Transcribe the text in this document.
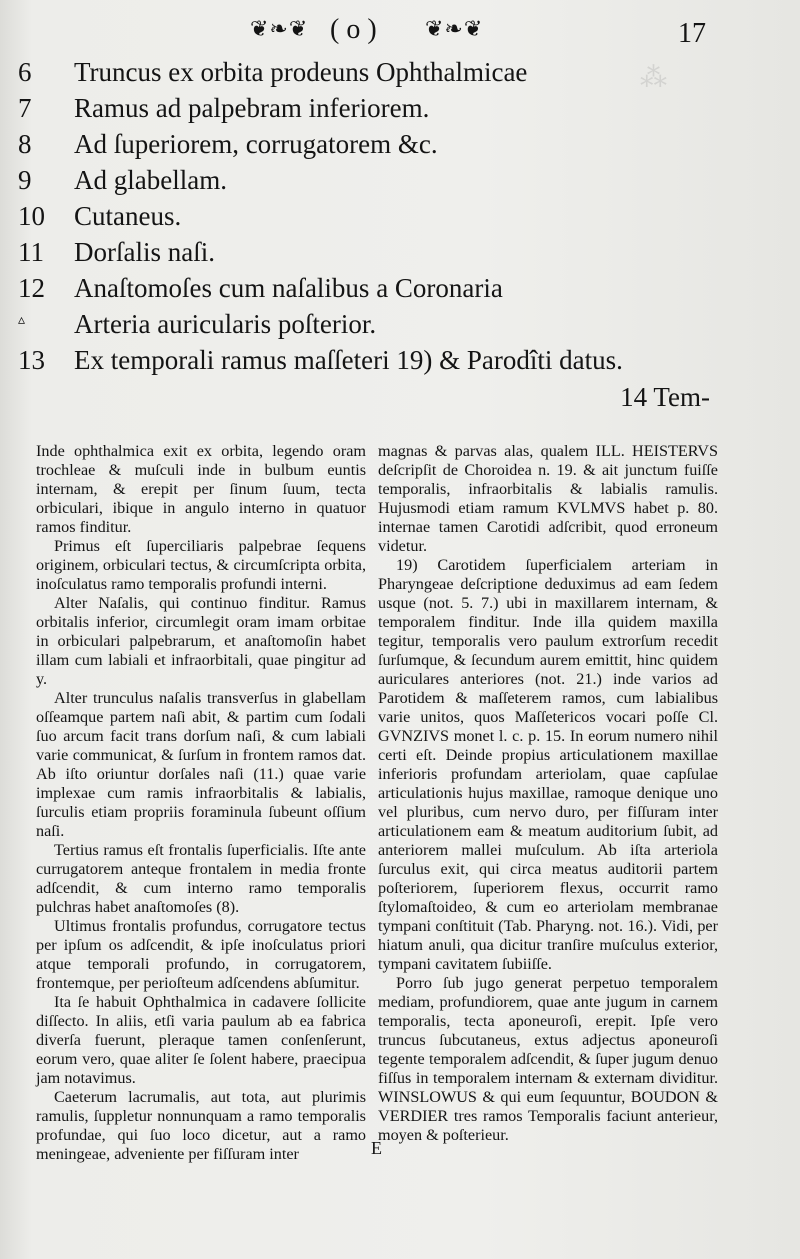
⁂
❦❧❦ ( o ) ❦❧❦	17
6	Truncus ex orbita prodeuns Ophthalmicae
7	Ramus ad palpebram inferiorem.
8	Ad ſuperiorem, corrugatorem &c.
9	Ad glabellam.
10	Cutaneus.
11	Dorſalis naſi.
12	Anaſtomoſes cum naſalibus a Coronaria
▵	Arteria auricularis poſterior.
13	Ex temporali ramus maſſeteri 19) & Parodîti datus.
14 Tem-

Inde ophthalmica exit ex orbita, legendo oram trochleae & muſculi inde in bulbum euntis internam, & erepit per ſinum ſuum, tecta orbiculari, ibique in angulo interno in quatuor ramos finditur.

Primus eſt ſuperciliaris palpebrae ſequens originem, orbiculari tectus, & circumſcripta orbita, inoſculatus ramo temporalis profundi interni.

Alter Naſalis, qui continuo finditur. Ramus orbitalis inferior, circumlegit oram imam orbitae in orbiculari palpebrarum, et anaſtomoſin habet illam cum labiali et infraorbitali, quae pingitur ad y.

Alter trunculus naſalis transverſus in glabellam oſſeamque partem naſi abit, & partim cum ſodali ſuo arcum facit trans dorſum naſi, & cum labiali varie communicat, & ſurſum in frontem ramos dat. Ab iſto oriuntur dorſales naſi (11.) quae varie implexae cum ramis infraorbitalis & labialis, ſurculis etiam propriis foraminula ſubeunt oſſium naſi.

Tertius ramus eſt frontalis ſuperficialis. Iſte ante currugatorem anteque frontalem in media fronte adſcendit, & cum interno ramo temporalis pulchras habet anaſtomoſes (8).

Ultimus frontalis profundus, corrugatore tectus per ipſum os adſcendit, & ipſe inoſculatus priori atque temporali profundo, in corrugatorem, frontemque, per perioſteum adſcendens abſumitur.

Ita ſe habuit Ophthalmica in cadavere ſollicite diſſecto. In aliis, etſi varia paulum ab ea fabrica diverſa fuerunt, pleraque tamen conſenſerunt, eorum vero, quae aliter ſe ſolent habere, praecipua jam notavimus.

Caeterum lacrumalis, aut tota, aut plurimis ramulis, ſuppletur nonnunquam a ramo temporalis profundae, qui ſuo loco dicetur, aut a ramo meningeae, adveniente per fiſſuram inter

magnas & parvas alas, qualem ILL. HEISTERVS deſcripſit de Choroidea n. 19. & ait junctum fuiſſe temporalis, infraorbitalis & labialis ramulis. Hujusmodi etiam ramum KVLMVS habet p. 80. internae tamen Carotidi adſcribit, quod erroneum videtur.

19) Carotidem ſuperficialem arteriam in Pharyngeae deſcriptione deduximus ad eam ſedem usque (not. 5. 7.) ubi in maxillarem internam, & temporalem finditur. Inde illa quidem maxilla tegitur, temporalis vero paulum extrorſum recedit ſurſumque, & ſecundum aurem emittit, hinc quidem auriculares anteriores (not. 21.) inde varios ad Parotidem & maſſeterem ramos, cum labialibus varie unitos, quos Maſſetericos vocari poſſe Cl. GVNZIVS monet l. c. p. 15. In eorum numero nihil certi eſt. Deinde propius articulationem maxillae inferioris profundam arteriolam, quae capſulae articulationis hujus maxillae, ramoque denique uno vel pluribus, cum nervo duro, per fiſſuram inter articulationem eam & meatum auditorium ſubit, ad anteriorem mallei muſculum. Ab iſta arteriola ſurculus exit, qui circa meatus auditorii partem poſteriorem, ſuperiorem flexus, occurrit ramo ſtylomaſtoideo, & cum eo arteriolam membranae tympani conſtituit (Tab. Pharyng. not. 16.). Vidi, per hiatum anuli, qua dicitur tranſire muſculus exterior, tympani cavitatem ſubiiſſe.

Porro ſub jugo generat perpetuo temporalem mediam, profundiorem, quae ante jugum in carnem temporalis, tecta aponeuroſi, erepit. Ipſe vero truncus ſubcutaneus, extus adjectus aponeuroſi tegente temporalem adſcendit, & ſuper jugum denuo fiſſus in temporalem internam & externam dividitur. WINSLOWUS & qui eum ſequuntur, BOUDON & VERDIER tres ramos Temporalis faciunt anterieur, moyen & poſterieur.

E
